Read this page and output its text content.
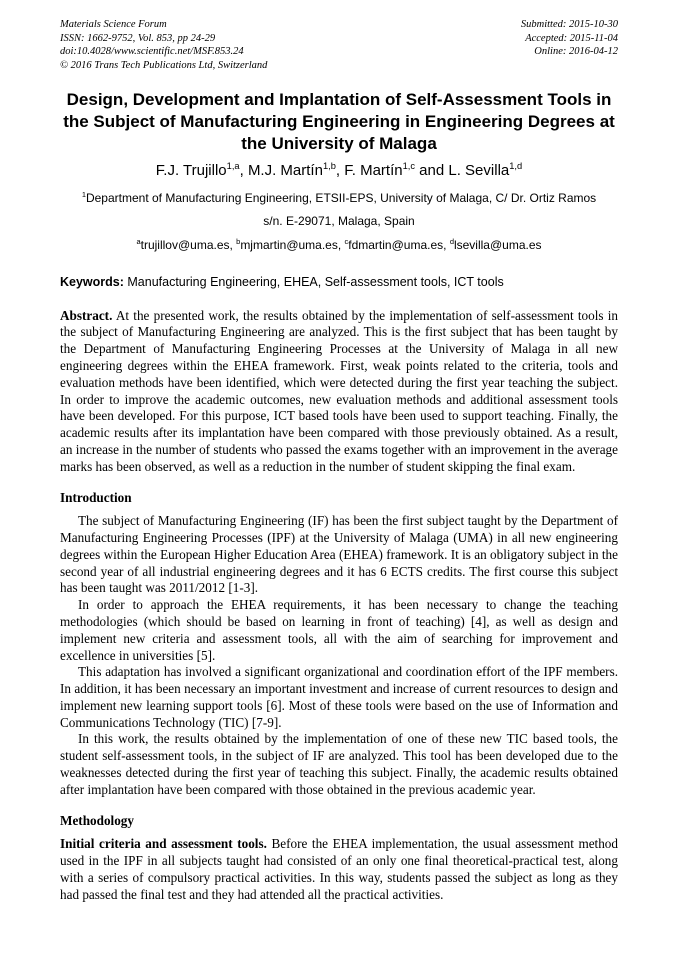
Materials Science Forum
ISSN: 1662-9752, Vol. 853, pp 24-29
doi:10.4028/www.scientific.net/MSF.853.24
© 2016 Trans Tech Publications Ltd, Switzerland
Submitted: 2015-10-30
Accepted: 2015-11-04
Online: 2016-04-12
Design, Development and Implantation of Self-Assessment Tools in the Subject of Manufacturing Engineering in Engineering Degrees at the University of Malaga
F.J. Trujillo$^{1,a}$, M.J. Martín$^{1,b}$, F. Martín$^{1,c}$ and L. Sevilla$^{1,d}$
$^1$Department of Manufacturing Engineering, ETSII-EPS, University of Malaga, C/ Dr. Ortiz Ramos
s/n. E-29071, Malaga, Spain
$^a$trujillov@uma.es, $^b$mjmartin@uma.es, $^c$fdmartin@uma.es, $^d$lsevilla@uma.es
Keywords: Manufacturing Engineering, EHEA, Self-assessment tools, ICT tools

Abstract. At the presented work, the results obtained by the implementation of self-assessment tools in the subject of Manufacturing Engineering are analyzed. This is the first subject that has been taught by the Department of Manufacturing Engineering Processes at the University of Malaga in all new engineering degrees within the EHEA framework. First, weak points related to the criteria, tools and evaluation methods have been identified, which were detected during the first year teaching the subject. In order to improve the academic outcomes, new evaluation methods and additional assessment tools have been developed. For this purpose, ICT based tools have been used to support teaching. Finally, the academic results after its implantation have been compared with those previously obtained. As a result, an increase in the number of students who passed the exams together with an improvement in the average marks has been observed, as well as a reduction in the number of student skipping the final exam.

Introduction

The subject of Manufacturing Engineering (IF) has been the first subject taught by the Department of Manufacturing Engineering Processes (IPF) at the University of Malaga (UMA) in all new engineering degrees within the European Higher Education Area (EHEA) framework. It is an obligatory subject in the second year of all industrial engineering degrees and it has 6 ECTS credits. The first course this subject has been taught was 2011/2012 [1-3].

In order to approach the EHEA requirements, it has been necessary to change the teaching methodologies (which should be based on learning in front of teaching) [4], as well as design and implement new criteria and assessment tools, all with the aim of searching for improvement and excellence in universities [5].

This adaptation has involved a significant organizational and coordination effort of the IPF members. In addition, it has been necessary an important investment and increase of current resources to design and implement new learning support tools [6]. Most of these tools were based on the use of Information and Communications Technology (TIC) [7-9].

In this work, the results obtained by the implementation of one of these new TIC based tools, the student self-assessment tools, in the subject of IF are analyzed. This tool has been developed due to the weaknesses detected during the first year of teaching this subject. Finally, the academic results obtained after implantation have been compared with those obtained in the previous academic year.

Methodology

Initial criteria and assessment tools. Before the EHEA implementation, the usual assessment method used in the IPF in all subjects taught had consisted of an only one final theoretical-practical test, along with a series of compulsory practical activities. In this way, students passed the subject as long as they had passed the final test and they had attended all the practical activities.
